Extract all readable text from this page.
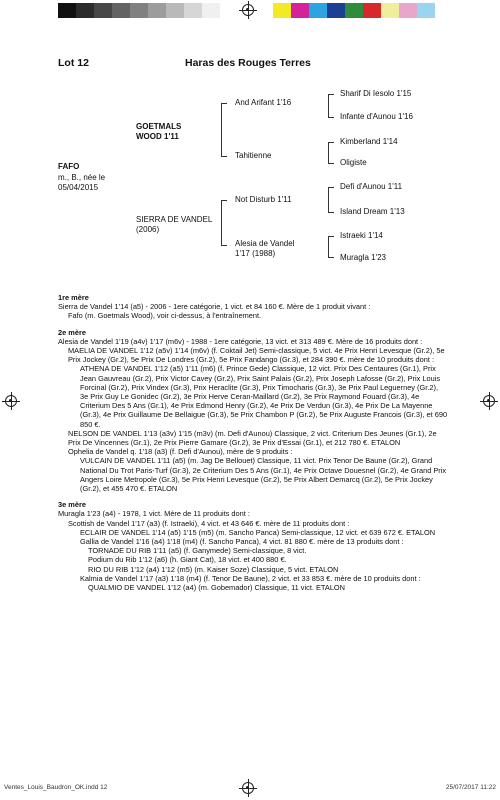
Lot 12	Haras des Rouges Terres
FAFO
m., B., née le 05/04/2015
GOETMALS WOOD 1'11
SIERRA DE VANDEL (2006)
And Arifant 1'16
Tahitienne
Not Disturb 1'11
Alesia de Vandel 1'17 (1988)
Sharif Di Iesolo 1'15
Infante d'Aunou 1'16
Kimberland 1'14
Oligiste
Defi d'Aunou 1'11
Island Dream 1'13
Istraeki 1'14
Muragla 1'23

1re mère

Sierra de Vandel 1'14 (a5) - 2006 - 1ere catégorie, 1 vict. et 84 160 €. Mère de 1 produit vivant :

Fafo (m. Goetmals Wood), voir ci-dessus, à l'entraînement.

2e mère

Alesia de Vandel 1'19 (a4v) 1'17 (m6v) - 1988 - 1ere catégorie, 13 vict. et 313 489 €. Mère de 16 produits dont :

MAELIA DE VANDEL 1'12 (a5v) 1'14 (m6v) (f. Coktail Jet) Semi-classique, 5 vict. 4e Prix Henri Levesque (Gr.2), 5e Prix Jockey (Gr.2), 5e Prix De Londres (Gr.2), 5e Prix Fandango (Gr.3), et 284 390 €. mère de 10 produits dont :

ATHENA DE VANDEL 1'12 (a5) 1'11 (m6) (f. Prince Gede) Classique, 12 vict. Prix Des Centaures (Gr.1), Prix Jean Gauvreau (Gr.2), Prix Victor Cavey (Gr.2), Prix Saint Palais (Gr.2), Prix Joseph Lafosse (Gr.2), Prix Louis Forcinal (Gr.2), Prix Vindex (Gr.3), Prix Heraclite (Gr.3), Prix Timocharis (Gr.3), 3e Prix Paul Leguerney (Gr.2), 3e Prix Guy Le Gonidec (Gr.2), 3e Prix Herve Ceran-Maillard (Gr.2), 3e Prix Raymond Fouard (Gr.3), 4e Criterium Des 5 Ans (Gr.1), 4e Prix Edmond Henry (Gr.2), 4e Prix De Verdun (Gr.3), 4e Prix De La Mayenne (Gr.3), 4e Prix Guillaume De Bellaigue (Gr.3), 5e Prix Chambon P (Gr.2), 5e Prix Auguste Francois (Gr.3), et 690 850 €.

NELSON DE VANDEL 1'13 (a3v) 1'15 (m3v) (m. Defi d'Aunou) Classique, 2 vict. Criterium Des Jeunes (Gr.1), 2e Prix De Vincennes (Gr.1), 2e Prix Pierre Gamare (Gr.2), 3e Prix d'Essai (Gr.1), et 212 780 €. ETALON

Ophelia de Vandel q. 1'18 (a3) (f. Defi d'Aunou), mère de 9 produits :

VULCAIN DE VANDEL 1'11 (a5) (m. Jag De Bellouet) Classique, 11 vict. Prix Tenor De Baune (Gr.2), Grand National Du Trot Paris-Turf (Gr.3), 2e Criterium Des 5 Ans (Gr.1), 4e Prix Octave Douesnel (Gr.2), 4e Grand Prix Angers Loire Metropole (Gr.3), 5e Prix Henri Levesque (Gr.2), 5e Prix Albert Demarcq (Gr.2), 5e Prix Jockey (Gr.2), et 455 470 €. ETALON

3e mère

Muragla 1'23 (a4) - 1978, 1 vict. Mère de 11 produits dont :

Scottish de Vandel 1'17 (a3) (f. Istraeki), 4 vict. et 43 646 €. mère de 11 produits dont :

ECLAIR DE VANDEL 1'14 (a5) 1'15 (m5) (m. Sancho Panca) Semi-classique, 12 vict. et 639 672 €. ETALON

Gallia de Vandel 1'16 (a4) 1'18 (m4) (f. Sancho Panca), 4 vict. 81 880 €. mère de 13 produits dont :

TORNADE DU RIB 1'11 (a5) (f. Ganymede) Semi-classique, 8 vict.

Podium du Rib 1'12 (a6) (h. Giant Cat), 18 vict. et 400 880 €.

RIO DU RIB 1'12 (a4) 1'12 (m5) (m. Kaiser Soze) Classique, 5 vict. ETALON

Kalmia de Vandel 1'17 (a3) 1'18 (m4) (f. Tenor De Baune), 2 vict. et 33 853 €. mère de 10 produits dont :

QUALMIO DE VANDEL 1'12 (a4) (m. Gobemador) Classique, 11 vict. ETALON

Ventes_Louis_Baudron_OK.indd 12	25/07/2017 11:22
